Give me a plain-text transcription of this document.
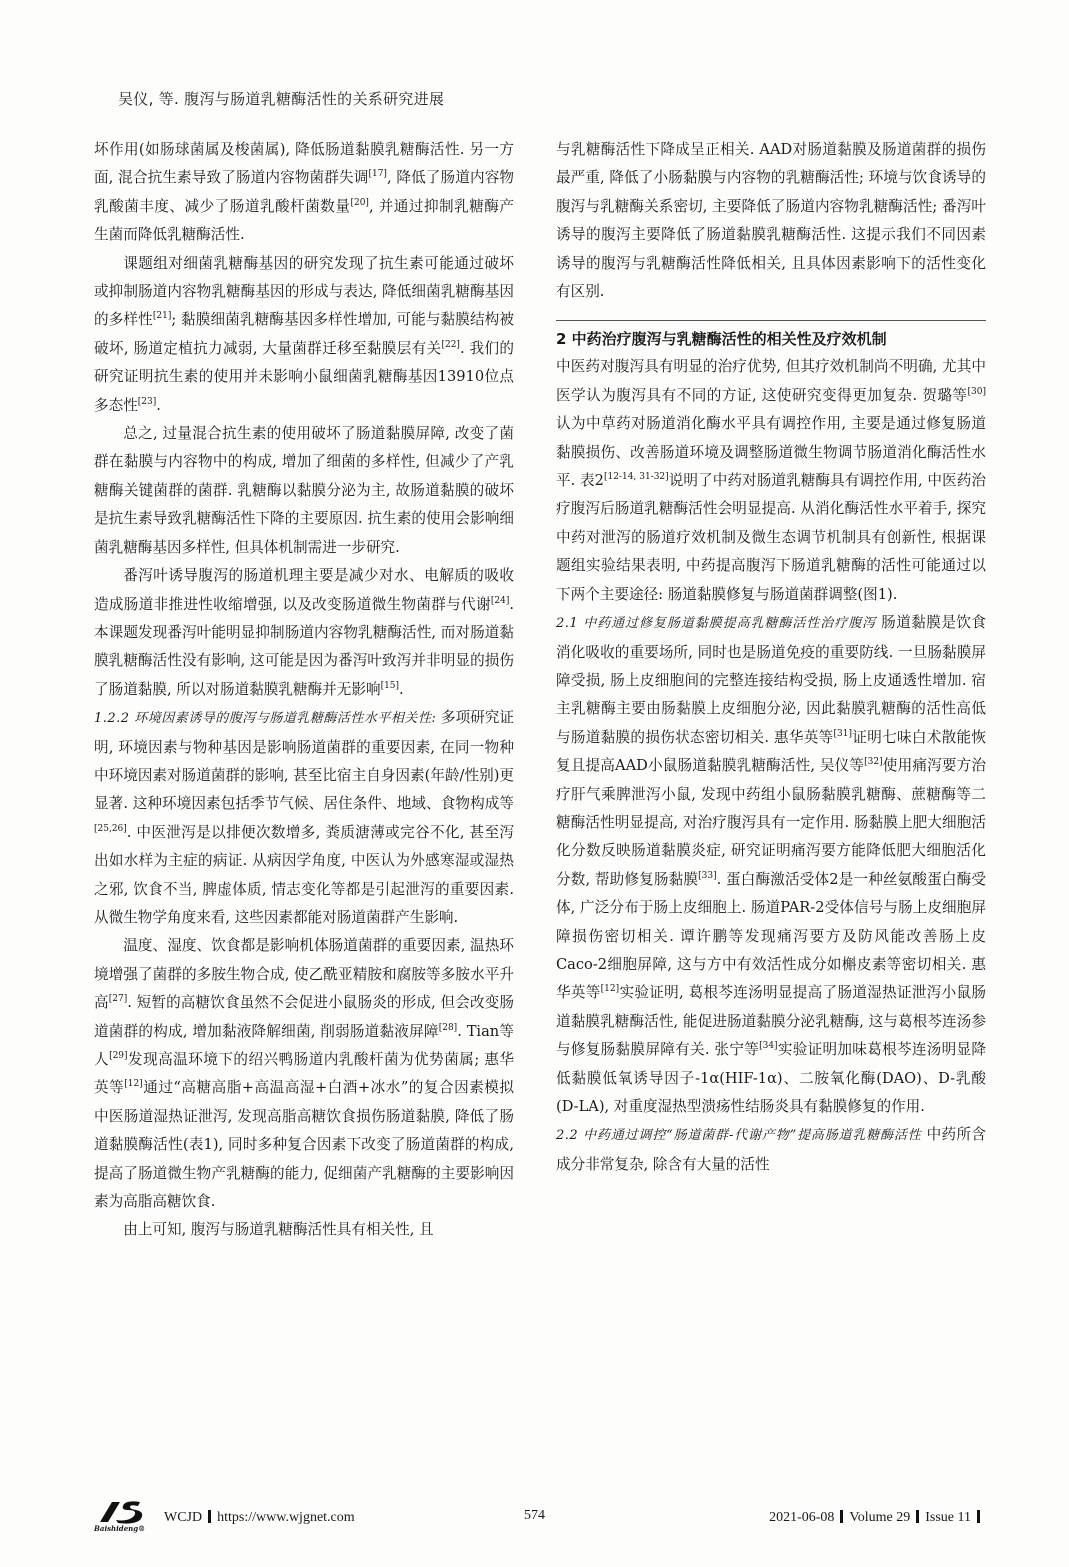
吴仪, 等. 腹泻与肠道乳糖酶活性的关系研究进展

坏作用(如肠球菌属及梭菌属), 降低肠道黏膜乳糖酶活性. 另一方面, 混合抗生素导致了肠道内容物菌群失调[17], 降低了肠道内容物乳酸菌丰度、减少了肠道乳酸杆菌数量[20], 并通过抑制乳糖酶产生菌而降低乳糖酶活性.

课题组对细菌乳糖酶基因的研究发现了抗生素可能通过破坏或抑制肠道内容物乳糖酶基因的形成与表达, 降低细菌乳糖酶基因的多样性[21]; 黏膜细菌乳糖酶基因多样性增加, 可能与黏膜结构被破坏, 肠道定植抗力减弱, 大量菌群迁移至黏膜层有关[22]. 我们的研究证明抗生素的使用并未影响小鼠细菌乳糖酶基因13910位点多态性[23].

总之, 过量混合抗生素的使用破坏了肠道黏膜屏障, 改变了菌群在黏膜与内容物中的构成, 增加了细菌的多样性, 但减少了产乳糖酶关键菌群的菌群. 乳糖酶以黏膜分泌为主, 故肠道黏膜的破坏是抗生素导致乳糖酶活性下降的主要原因. 抗生素的使用会影响细菌乳糖酶基因多样性, 但具体机制需进一步研究.

番泻叶诱导腹泻的肠道机理主要是减少对水、电解质的吸收造成肠道非推进性收缩增强, 以及改变肠道微生物菌群与代谢[24]. 本课题发现番泻叶能明显抑制肠道内容物乳糖酶活性, 而对肠道黏膜乳糖酶活性没有影响, 这可能是因为番泻叶致泻并非明显的损伤了肠道黏膜, 所以对肠道黏膜乳糖酶并无影响[15].

1.2.2 环境因素诱导的腹泻与肠道乳糖酶活性水平相关性: 多项研究证明, 环境因素与物种基因是影响肠道菌群的重要因素, 在同一物种中环境因素对肠道菌群的影响, 甚至比宿主自身因素(年龄/性别)更显著. 这种环境因素包括季节气候、居住条件、地域、食物构成等[25,26]. 中医泄泻是以排便次数增多, 粪质溏薄或完谷不化, 甚至泻出如水样为主症的病证. 从病因学角度, 中医认为外感寒湿或湿热之邪, 饮食不当, 脾虚体质, 情志变化等都是引起泄泻的重要因素. 从微生物学角度来看, 这些因素都能对肠道菌群产生影响.

温度、湿度、饮食都是影响机体肠道菌群的重要因素, 温热环境增强了菌群的多胺生物合成, 使乙酰亚精胺和腐胺等多胺水平升高[27]. 短暂的高糖饮食虽然不会促进小鼠肠炎的形成, 但会改变肠道菌群的构成, 增加黏液降解细菌, 削弱肠道黏液屏障[28]. Tian等人[29]发现高温环境下的绍兴鸭肠道内乳酸杆菌为优势菌属; 惠华英等[12]通过“高糖高脂+高温高湿+白酒+冰水”的复合因素模拟中医肠道湿热证泄泻, 发现高脂高糖饮食损伤肠道黏膜, 降低了肠道黏膜酶活性(表1), 同时多种复合因素下改变了肠道菌群的构成, 提高了肠道微生物产乳糖酶的能力, 促细菌产乳糖酶的主要影响因素为高脂高糖饮食.

由上可知, 腹泻与肠道乳糖酶活性具有相关性, 且

与乳糖酶活性下降成呈正相关. AAD对肠道黏膜及肠道菌群的损伤最严重, 降低了小肠黏膜与内容物的乳糖酶活性; 环境与饮食诱导的腹泻与乳糖酶关系密切, 主要降低了肠道内容物乳糖酶活性; 番泻叶诱导的腹泻主要降低了肠道黏膜乳糖酶活性. 这提示我们不同因素诱导的腹泻与乳糖酶活性降低相关, 且具体因素影响下的活性变化有区别.

2 中药治疗腹泻与乳糖酶活性的相关性及疗效机制

中医药对腹泻具有明显的治疗优势, 但其疗效机制尚不明确, 尤其中医学认为腹泻具有不同的方证, 这使研究变得更加复杂. 贺璐等[30]认为中草药对肠道消化酶水平具有调控作用, 主要是通过修复肠道黏膜损伤、改善肠道环境及调整肠道微生物调节肠道消化酶活性水平. 表2[12-14, 31-32]说明了中药对肠道乳糖酶具有调控作用, 中医药治疗腹泻后肠道乳糖酶活性会明显提高. 从消化酶活性水平着手, 探究中药对泄泻的肠道疗效机制及微生态调节机制具有创新性, 根据课题组实验结果表明, 中药提高腹泻下肠道乳糖酶的活性可能通过以下两个主要途径: 肠道黏膜修复与肠道菌群调整(图1).

2.1 中药通过修复肠道黏膜提高乳糖酶活性治疗腹泻 肠道黏膜是饮食消化吸收的重要场所, 同时也是肠道免疫的重要防线. 一旦肠黏膜屏障受损, 肠上皮细胞间的完整连接结构受损, 肠上皮通透性增加. 宿主乳糖酶主要由肠黏膜上皮细胞分泌, 因此黏膜乳糖酶的活性高低与肠道黏膜的损伤状态密切相关. 惠华英等[31]证明七味白术散能恢复且提高AAD小鼠肠道黏膜乳糖酶活性, 吴仪等[32]使用痛泻要方治疗肝气乘脾泄泻小鼠, 发现中药组小鼠肠黏膜乳糖酶、蔗糖酶等二糖酶活性明显提高, 对治疗腹泻具有一定作用. 肠黏膜上肥大细胞活化分数反映肠道黏膜炎症, 研究证明痛泻要方能降低肥大细胞活化分数, 帮助修复肠黏膜[33]. 蛋白酶激活受体2是一种丝氨酸蛋白酶受体, 广泛分布于肠上皮细胞上. 肠道PAR-2受体信号与肠上皮细胞屏障损伤密切相关. 谭许鹏等发现痛泻要方及防风能改善肠上皮Caco-2细胞屏障, 这与方中有效活性成分如槲皮素等密切相关. 惠华英等[12]实验证明, 葛根芩连汤明显提高了肠道湿热证泄泻小鼠肠道黏膜乳糖酶活性, 能促进肠道黏膜分泌乳糖酶, 这与葛根芩连汤参与修复肠黏膜屏障有关. 张宁等[34]实验证明加味葛根芩连汤明显降低黏膜低氧诱导因子-1α(HIF-1α)、二胺氧化酶(DAO)、D-乳酸(D-LA), 对重度湿热型溃疡性结肠炎具有黏膜修复的作用.

2.2 中药通过调控“肠道菌群-代谢产物”提高肠道乳糖酶活性 中药所含成分非常复杂, 除含有大量的活性

Baishideng®
WCJD https://www.wjgnet.com	574	2021-06-08 Volume 29 Issue 11
